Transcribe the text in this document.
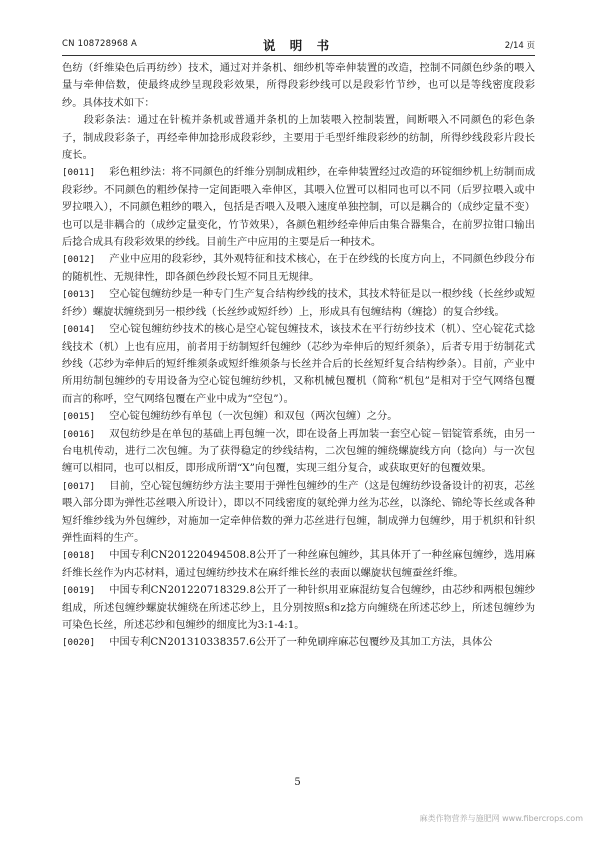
CN 108728968 A	说 明 书	2/14 页

色纺（纤维染色后再纺纱）技术，通过对并条机、细纱机等牵伸装置的改造，控制不同颜色纱条的喂入量与牵伸倍数，使最终成纱呈现段彩效果，所得段彩纱线可以是段彩竹节纱，也可以是等线密度段彩纱。具体技术如下：

段彩条法：通过在针梳并条机或普通并条机的上加装喂入控制装置，间断喂入不同颜色的彩色条子，制成段彩条子，再经牵伸加捻形成段彩纱，主要用于毛型纤维段彩纱的纺制，所得纱线段彩片段长度长。

[0011] 彩色粗纱法：将不同颜色的纤维分别制成粗纱，在牵伸装置经过改造的环锭细纱机上纺制而成段彩纱。不同颜色的粗纱保持一定间距喂入牵伸区，其喂入位置可以相同也可以不同（后罗拉喂入或中罗拉喂入），不同颜色粗纱的喂入，包括是否喂入及喂入速度单独控制，可以是耦合的（成纱定量不变）也可以是非耦合的（成纱定量变化，竹节效果），各颜色粗纱经牵伸后由集合器集合，在前罗拉钳口输出后捻合成具有段彩效果的纱线。目前生产中应用的主要是后一种技术。

[0012] 产业中应用的段彩纱，其外观特征和技术核心，在于在纱线的长度方向上，不同颜色纱段分布的随机性、无规律性，即各颜色纱段长短不同且无规律。

[0013] 空心锭包缠纺纱是一种专门生产复合结构纱线的技术，其技术特征是以一根纱线（长丝纱或短纤纱）螺旋状缠绕到另一根纱线（长丝纱或短纤纱）上，形成具有包缠结构（缠捻）的复合纱线。

[0014] 空心锭包缠纺纱技术的核心是空心锭包缠技术，该技术在平行纺纱技术（机）、空心锭花式捻线技术（机）上也有应用，前者用于纺制短纤包缠纱（芯纱为牵伸后的短纤须条），后者专用于纺制花式纱线（芯纱为牵伸后的短纤维须条或短纤维须条与长丝并合后的长丝短纤复合结构纱条）。目前，产业中所用纺制包缠纱的专用设备为空心锭包缠纺纱机，又称机械包覆机（简称“机包”是相对于空气网络包覆而言的称呼，空气网络包覆在产业中成为“空包”）。

[0015] 空心锭包缠纺纱有单包（一次包缠）和双包（两次包缠）之分。

[0016] 双包纺纱是在单包的基础上再包缠一次，即在设备上再加装一套空心锭－铝锭管系统，由另一台电机传动，进行二次包缠。为了获得稳定的纱线结构，二次包缠的缠绕螺旋线方向（捻向）与一次包缠可以相同，也可以相反，即形成所谓“X”向包覆，实现三组分复合，或获取更好的包覆效果。

[0017] 目前，空心锭包缠纺纱方法主要用于弹性包缠纱的生产（这是包缠纺纱设备设计的初衷，芯丝喂入部分即为弹性芯丝喂入所设计），即以不同线密度的氨纶弹力丝为芯丝，以涤纶、锦纶等长丝或各种短纤维纱线为外包缠纱，对施加一定牵伸倍数的弹力芯丝进行包缠，制成弹力包缠纱，用于机织和针织弹性面料的生产。

[0018] 中国专利CN201220494508.8公开了一种丝麻包缠纱，其具体开了一种丝麻包缠纱，选用麻纤维长丝作为内芯材料，通过包缠纺纱技术在麻纤维长丝的表面以螺旋状包缠蚕丝纤维。

[0019] 中国专利CN201220718329.8公开了一种针织用亚麻混纺复合包缠纱，由芯纱和两根包缠纱组成，所述包缠纱螺旋状缠绕在所述芯纱上，且分别按照s和z捻方向缠绕在所述芯纱上，所述包缠纱为可染色长丝，所述芯纱和包缠纱的细度比为3:1-4:1。

[0020] 中国专利CN201310338357.6公开了一种免刷痒麻芯包覆纱及其加工方法，具体公

5
麻类作物营养与施肥网 www.fibercrops.com
